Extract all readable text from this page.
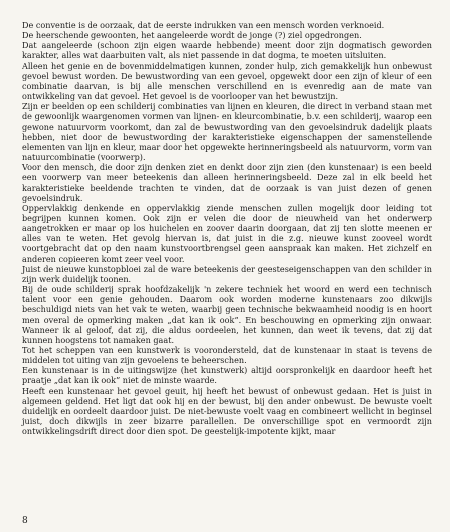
De conventie is de oorzaak, dat de eerste indrukken van een mensch worden verknoeid.

De heerschende gewoonten, het aangeleerde wordt de jonge (?) ziel opgedrongen.

Dat aangeleerde (schoon zijn eigen waarde hebbende) meent door zijn dogmatisch geworden karakter, alles wat daarbuiten valt, als niet passende in dat dogma, te moeten uitsluiten.

Alleen het genie en de bovenmiddelmatigen kunnen, zonder hulp, zich gemakkelijk hun onbewust gevoel bewust worden. De bewustwording van een gevoel, opgewekt door een zijn of kleur of een combinatie daarvan, is bij alle menschen verschillend en is evenredig aan de mate van ontwikkeling van dat gevoel. Het gevoel is de voorlooper van het bewustzijn.

Zijn er beelden op een schilderij combinaties van lijnen en kleuren, die direct in verband staan met de gewoonlijk waargenomen vormen van lijnen- en kleurcombinatie, b.v. een schilderij, waarop een gewone natuurvorm voorkomt, dan zal de bewustwording van den gevoelsindruk dadelijk plaats hebben, niet door de bewustwording der karakteristieke eigenschappen der samenstellende elementen van lijn en kleur, maar door het opgewekte herinneringsbeeld als natuurvorm, vorm van natuurcombinatie (voorwerp).

Voor den mensch, die door zijn denken ziet en denkt door zijn zien (den kunstenaar) is een beeld een voorwerp van meer beteekenis dan alleen herinneringsbeeld. Deze zal in elk beeld het karakteristieke beeldende trachten te vinden, dat de oorzaak is van juist dezen of genen gevoelsindruk.

Oppervlakkig denkende en oppervlakkig ziende menschen zullen mogelijk door leiding tot begrijpen kunnen komen. Ook zijn er velen die door de nieuwheid van het onderwerp aangetrokken er maar op los huichelen en zoover daarin doorgaan, dat zij ten slotte meenen er alles van te weten. Het gevolg hiervan is, dat juist in die z.g. nieuwe kunst zooveel wordt voortgebracht dat op den naam kunstvoortbrengsel geen aanspraak kan maken. Het zichzelf en anderen copieeren komt zeer veel voor.

Juist de nieuwe kunstopbloei zal de ware beteekenis der geesteseigenschappen van den schilder in zijn werk duidelijk toonen.

Bij de oude schilderij sprak hoofdzakelijk 'n zekere techniek het woord en werd een technisch talent voor een genie gehouden. Daarom ook worden moderne kunstenaars zoo dikwijls beschuldigd niets van het vak te weten, waarbij geen technische bekwaamheid noodig is en hoort men overal de opmerking maken „dat kan ik ook”. En beschouwing en opmerking zijn onwaar. Wanneer ik al geloof, dat zij, die aldus oordeelen, het kunnen, dan weet ik tevens, dat zij dat kunnen hoogstens tot namaken gaat.

Tot het scheppen van een kunstwerk is voorondersteld, dat de kunstenaar in staat is tevens de middelen tot uiting van zijn gevoelens te beheerschen.

Een kunstenaar is in de uitingswijze (het kunstwerk) altijd oorspronkelijk en daardoor heeft het praatje „dat kan ik ook” niet de minste waarde.

Heeft een kunstenaar het gevoel geuit, hij heeft het bewust of onbewust gedaan. Het is juist in algemeen geldend. Het ligt dat ook hij en der bewust, bij den ander onbewust. De bewuste voelt duidelijk en oordeelt daardoor juist. De niet-bewuste voelt vaag en combineert wellicht in beginsel juist, doch dikwijls in zeer bizarre parallellen. De onverschillige spot en vermoordt zijn ontwikkelingsdrift direct door dien spot. De geestelijk-impotente kijkt, maar

8
